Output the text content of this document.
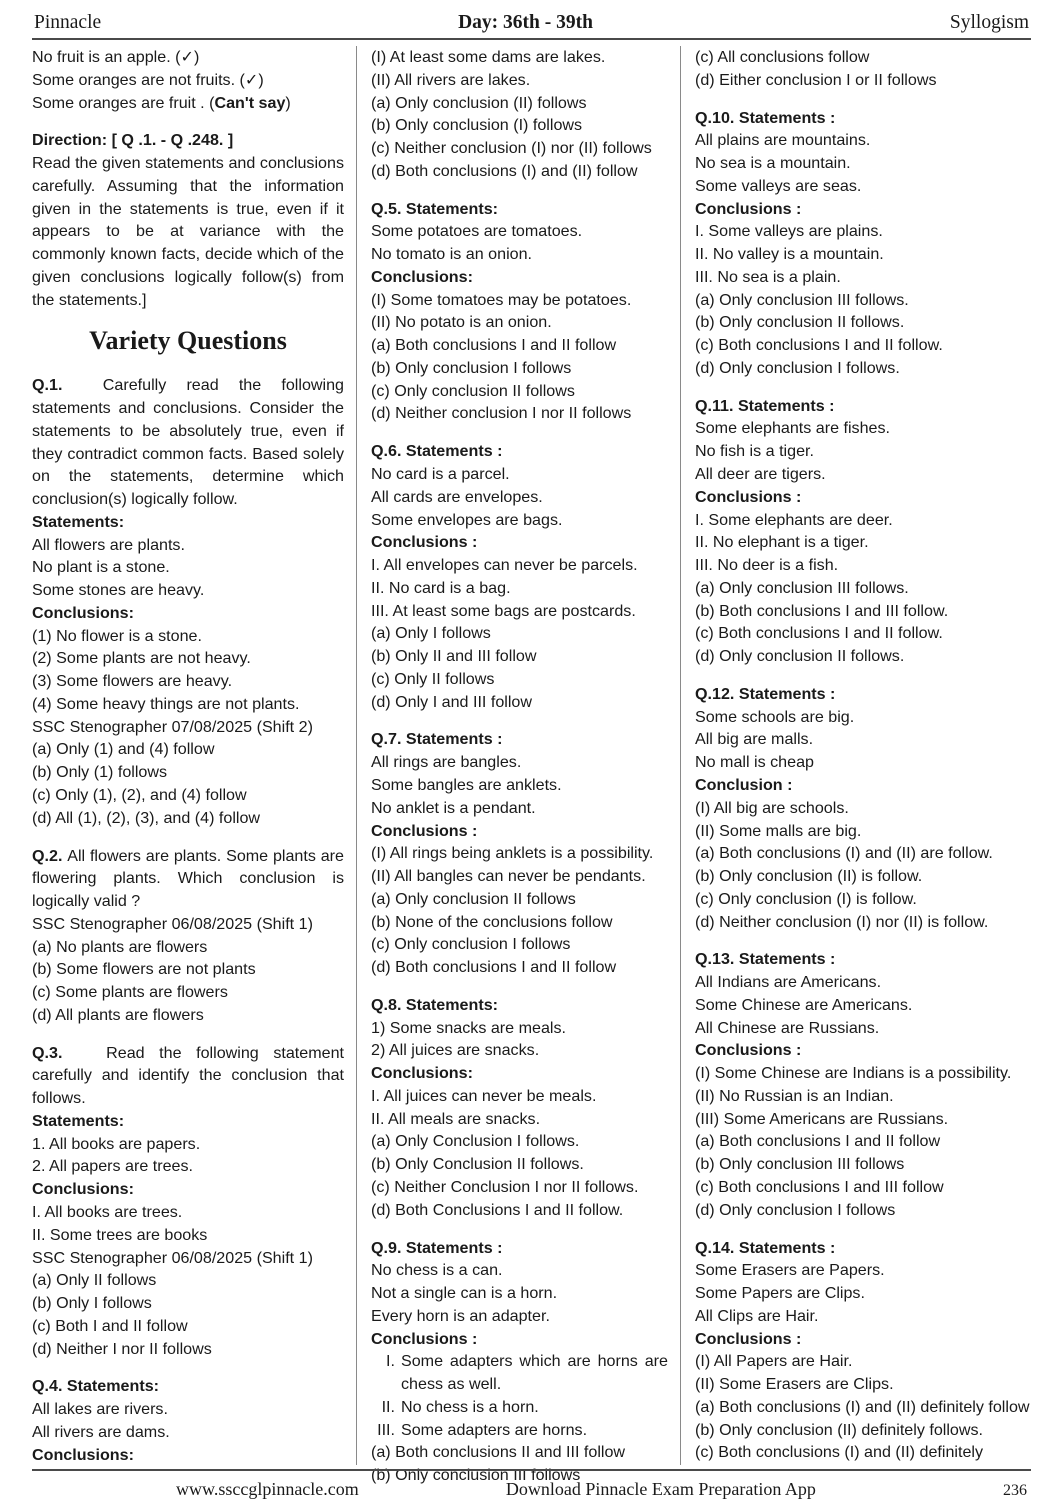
Pinnacle	Day: 36th - 39th	Syllogism
No fruit is an apple. (✓)
Some oranges are not fruits. (✓)
Some oranges are fruit . (Can't say)
Direction: [ Q .1. - Q .248. ]
Read the given statements and conclusions carefully. Assuming that the information given in the statements is true, even if it appears to be at variance with the commonly known facts, decide which of the given conclusions logically follow(s) from the statements.]
Variety Questions
Q.1.	Carefully read the following statements and conclusions. Consider the statements to be absolutely true, even if they contradict common facts. Based solely on the statements, determine which conclusion(s) logically follow.
Statements:
All flowers are plants.
No plant is a stone.
Some stones are heavy.
Conclusions:
(1) No flower is a stone.
(2) Some plants are not heavy.
(3) Some flowers are heavy.
(4) Some heavy things are not plants.
SSC Stenographer 07/08/2025 (Shift 2)
(a) Only (1) and (4) follow
(b) Only (1) follows
(c) Only (1), (2), and (4) follow
(d) All (1), (2), (3), and (4) follow
Q.2. All flowers are plants. Some plants are flowering plants. Which conclusion is logically valid ?
SSC Stenographer 06/08/2025 (Shift 1)
(a) No plants are flowers
(b) Some flowers are not plants
(c) Some plants are flowers
(d) All plants are flowers
Q.3.	Read the following statement carefully and identify the conclusion that follows.
Statements:
1. All books are papers.
2. All papers are trees.
Conclusions:
I. All books are trees.
II. Some trees are books
SSC Stenographer 06/08/2025 (Shift 1)
(a) Only II follows
(b) Only I follows
(c) Both I and II follow
(d) Neither I nor II follows
Q.4. Statements:
All lakes are rivers.
All rivers are dams.
Conclusions:
(I) At least some dams are lakes.
(II) All rivers are lakes.
(a) Only conclusion (II) follows
(b) Only conclusion (I) follows
(c) Neither conclusion (I) nor (II) follows
(d) Both conclusions (I) and (II) follow
Q.5. Statements:
Some potatoes are tomatoes.
No tomato is an onion.
Conclusions:
(I) Some tomatoes may be potatoes.
(II) No potato is an onion.
(a) Both conclusions I and II follow
(b) Only conclusion I follows
(c) Only conclusion II follows
(d) Neither conclusion I nor II follows
Q.6. Statements :
No card is a parcel.
All cards are envelopes.
Some envelopes are bags.
Conclusions :
I. All envelopes can never be parcels.
II. No card is a bag.
III. At least some bags are postcards.
(a) Only I follows
(b) Only II and III follow
(c) Only II follows
(d) Only I and III follow
Q.7. Statements :
All rings are bangles.
Some bangles are anklets.
No anklet is a pendant.
Conclusions :
(I) All rings being anklets is a possibility.
(II) All bangles can never be pendants.
(a) Only conclusion II follows
(b) None of the conclusions follow
(c) Only conclusion I follows
(d) Both conclusions I and II follow
Q.8. Statements:
1) Some snacks are meals.
2) All juices are snacks.
Conclusions:
I. All juices can never be meals.
II. All meals are snacks.
(a) Only Conclusion I follows.
(b) Only Conclusion II follows.
(c) Neither Conclusion I nor II follows.
(d) Both Conclusions I and II follow.
Q.9. Statements :
No chess is a can.
Not a single can is a horn.
Every horn is an adapter.
Conclusions :
I. Some adapters which are horns are chess as well.
II. No chess is a horn.
III. Some adapters are horns.
(a) Both conclusions II and III follow
(b) Only conclusion III follows
(c) All conclusions follow
(d) Either conclusion I or II follows
Q.10. Statements :
All plains are mountains.
No sea is a mountain.
Some valleys are seas.
Conclusions :
I. Some valleys are plains.
II. No valley is a mountain.
III. No sea is a plain.
(a) Only conclusion III follows.
(b) Only conclusion II follows.
(c) Both conclusions I and II follow.
(d) Only conclusion I follows.
Q.11. Statements :
Some elephants are fishes.
No fish is a tiger.
All deer are tigers.
Conclusions :
I. Some elephants are deer.
II. No elephant is a tiger.
III. No deer is a fish.
(a) Only conclusion III follows.
(b) Both conclusions I and III follow.
(c) Both conclusions I and II follow.
(d) Only conclusion II follows.
Q.12. Statements :
Some schools are big.
All big are malls.
No mall is cheap
Conclusion :
(I) All big are schools.
(II) Some malls are big.
(a) Both conclusions (I) and (II) are follow.
(b) Only conclusion (II) is follow.
(c) Only conclusion (I) is follow.
(d) Neither conclusion (I) nor (II) is follow.
Q.13. Statements :
All Indians are Americans.
Some Chinese are Americans.
All Chinese are Russians.
Conclusions :
(I) Some Chinese are Indians is a possibility.
(II) No Russian is an Indian.
(III) Some Americans are Russians.
(a) Both conclusions I and II follow
(b) Only conclusion III follows
(c) Both conclusions I and III follow
(d) Only conclusion I follows
Q.14. Statements :
Some Erasers are Papers.
Some Papers are Clips.
All Clips are Hair.
Conclusions :
(I) All Papers are Hair.
(II) Some Erasers are Clips.
(a) Both conclusions (I) and (II) definitely follow
(b) Only conclusion (II) definitely follows.
(c) Both conclusions (I) and (II) definitely
www.ssccglpinnacle.com	Download Pinnacle Exam Preparation App	236
